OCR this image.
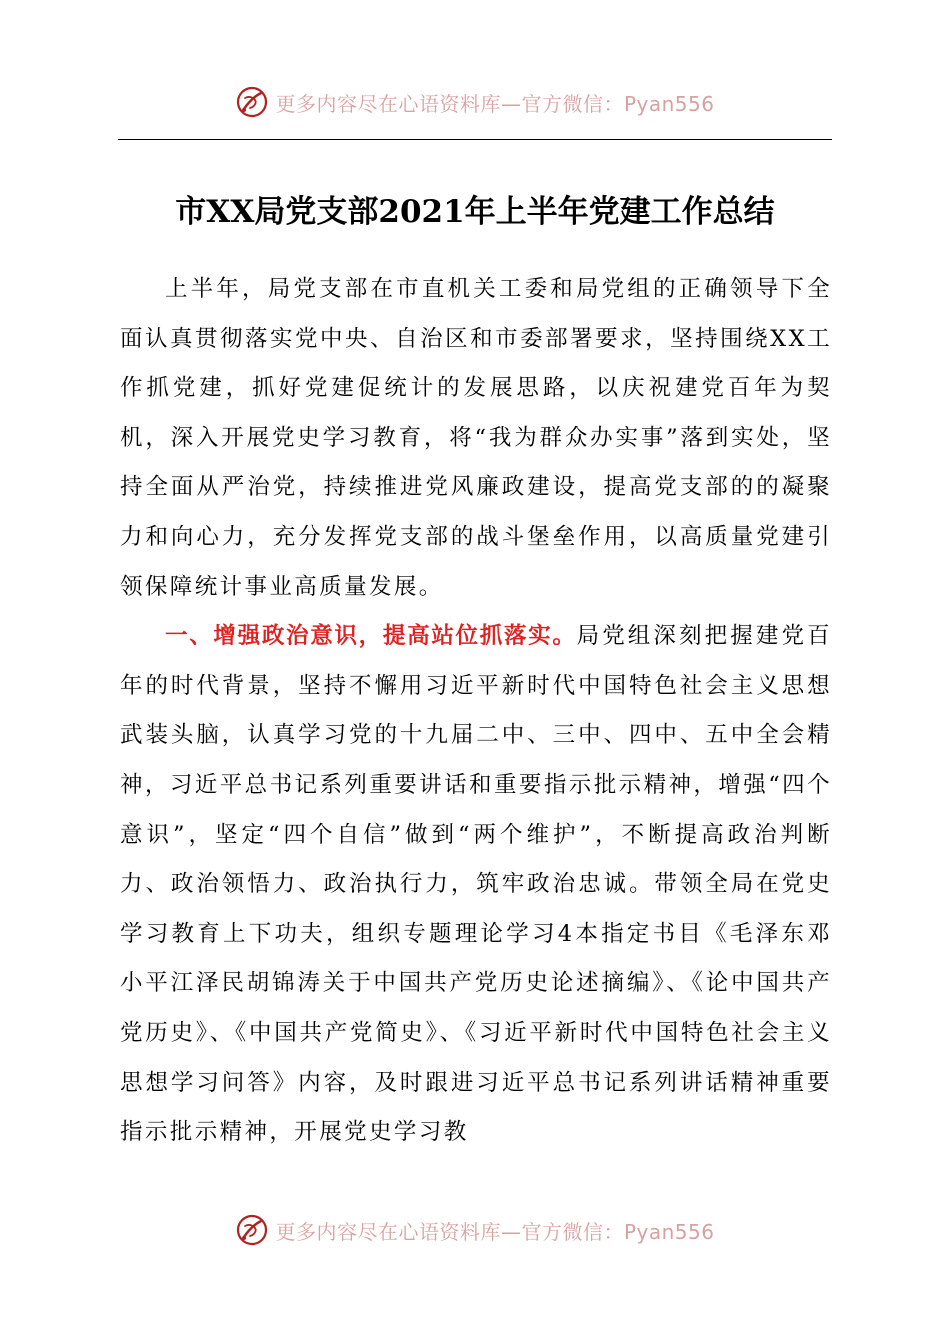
更多内容尽在心语资料库—官方微信：Pyan556
市XX局党支部2021年上半年党建工作总结

上半年，局党支部在市直机关工委和局党组的正确领导下全面认真贯彻落实党中央、自治区和市委部署要求，坚持围绕XX工作抓党建，抓好党建促统计的发展思路，以庆祝建党百年为契机，深入开展党史学习教育，将“我为群众办实事”落到实处，坚持全面从严治党，持续推进党风廉政建设，提高党支部的的凝聚力和向心力，充分发挥党支部的战斗堡垒作用，以高质量党建引领保障统计事业高质量发展。

一、增强政治意识，提高站位抓落实。局党组深刻把握建党百年的时代背景，坚持不懈用习近平新时代中国特色社会主义思想武装头脑，认真学习党的十九届二中、三中、四中、五中全会精神，习近平总书记系列重要讲话和重要指示批示精神，增强“四个意识”，坚定“四个自信”做到“两个维护”，不断提高政治判断力、政治领悟力、政治执行力，筑牢政治忠诚。带领全局在党史学习教育上下功夫，组织专题理论学习4本指定书目《毛泽东邓小平江泽民胡锦涛关于中国共产党历史论述摘编》、《论中国共产党历史》、《中国共产党简史》、《习近平新时代中国特色社会主义思想学习问答》内容，及时跟进习近平总书记系列讲话精神重要指示批示精神，开展党史学习教

更多内容尽在心语资料库—官方微信：Pyan556
